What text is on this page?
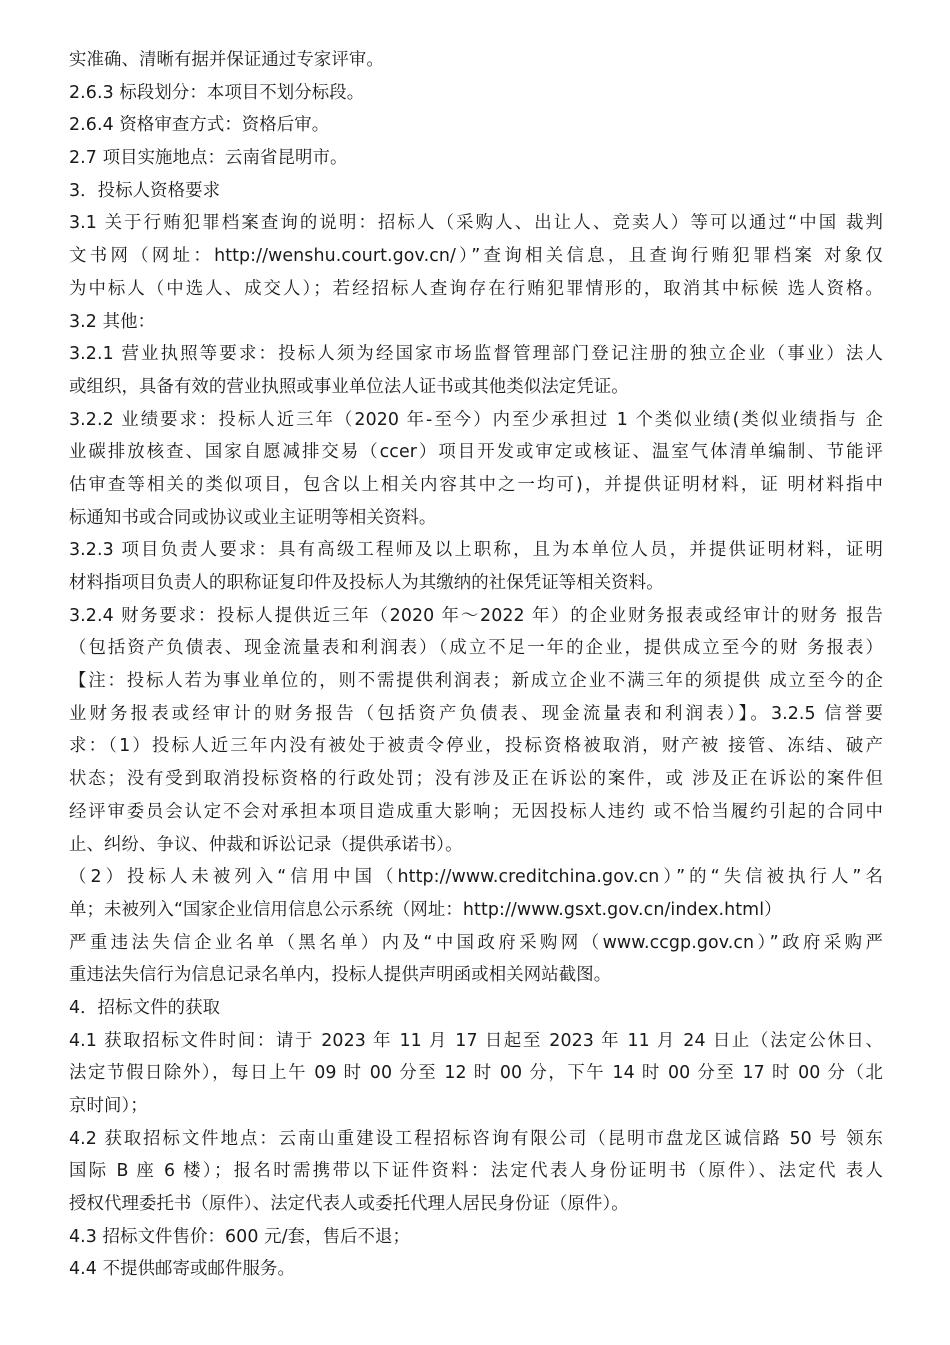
实准确、清晰有据并保证通过专家评审。
2.6.3 标段划分：本项目不划分标段。
2.6.4 资格审查方式：资格后审。
2.7 项目实施地点：云南省昆明市。
3．投标人资格要求
3.1 关于行贿犯罪档案查询的说明：招标人（采购人、出让人、竞卖人）等可以通过“中国 裁判
文书网（网址：http://wenshu.court.gov.cn/）”查询相关信息，且查询行贿犯罪档案 对象仅
为中标人（中选人、成交人）；若经招标人查询存在行贿犯罪情形的，取消其中标候 选人资格。
3.2 其他：
3.2.1 营业执照等要求：投标人须为经国家市场监督管理部门登记注册的独立企业（事业）法人
或组织，具备有效的营业执照或事业单位法人证书或其他类似法定凭证。
3.2.2 业绩要求：投标人近三年（2020 年-至今）内至少承担过 1 个类似业绩(类似业绩指与 企
业碳排放核查、国家自愿减排交易（ccer）项目开发或审定或核证、温室气体清单编制、节能评
估审查等相关的类似项目，包含以上相关内容其中之一均可)，并提供证明材料，证 明材料指中
标通知书或合同或协议或业主证明等相关资料。
3.2.3 项目负责人要求：具有高级工程师及以上职称，且为本单位人员，并提供证明材料，证明
材料指项目负责人的职称证复印件及投标人为其缴纳的社保凭证等相关资料。
3.2.4 财务要求：投标人提供近三年（2020 年～2022 年）的企业财务报表或经审计的财务 报告
（包括资产负债表、现金流量表和利润表）（成立不足一年的企业，提供成立至今的财 务报表）
【注：投标人若为事业单位的，则不需提供利润表；新成立企业不满三年的须提供 成立至今的企
业财务报表或经审计的财务报告（包括资产负债表、现金流量表和利润表）】。3.2.5 信誉要
求：（1）投标人近三年内没有被处于被责令停业，投标资格被取消，财产被 接管、冻结、破产
状态；没有受到取消投标资格的行政处罚；没有涉及正在诉讼的案件，或 涉及正在诉讼的案件但
经评审委员会认定不会对承担本项目造成重大影响；无因投标人违约 或不恰当履约引起的合同中
止、纠纷、争议、仲裁和诉讼记录（提供承诺书）。
（2）投标人未被列入“信用中国（http://www.creditchina.gov.cn）”的“失信被执行人”名
单；未被列入“国家企业信用信息公示系统（网址：http://www.gsxt.gov.cn/index.html）
严重违法失信企业名单（黑名单）内及“中国政府采购网（www.ccgp.gov.cn）”政府采购严
重违法失信行为信息记录名单内，投标人提供声明函或相关网站截图。
4．招标文件的获取
4.1 获取招标文件时间：请于 2023 年 11 月 17 日起至 2023 年 11 月 24 日止（法定公休日、
法定节假日除外），每日上午 09 时 00 分至 12 时 00 分，下午 14 时 00 分至 17 时 00 分（北
京时间）；
4.2 获取招标文件地点：云南山重建设工程招标咨询有限公司（昆明市盘龙区诚信路 50 号 领东
国际 B 座 6 楼）；报名时需携带以下证件资料：法定代表人身份证明书（原件）、法定代 表人
授权代理委托书（原件）、法定代表人或委托代理人居民身份证（原件）。
4.3 招标文件售价：600 元/套，售后不退；
4.4 不提供邮寄或邮件服务。
